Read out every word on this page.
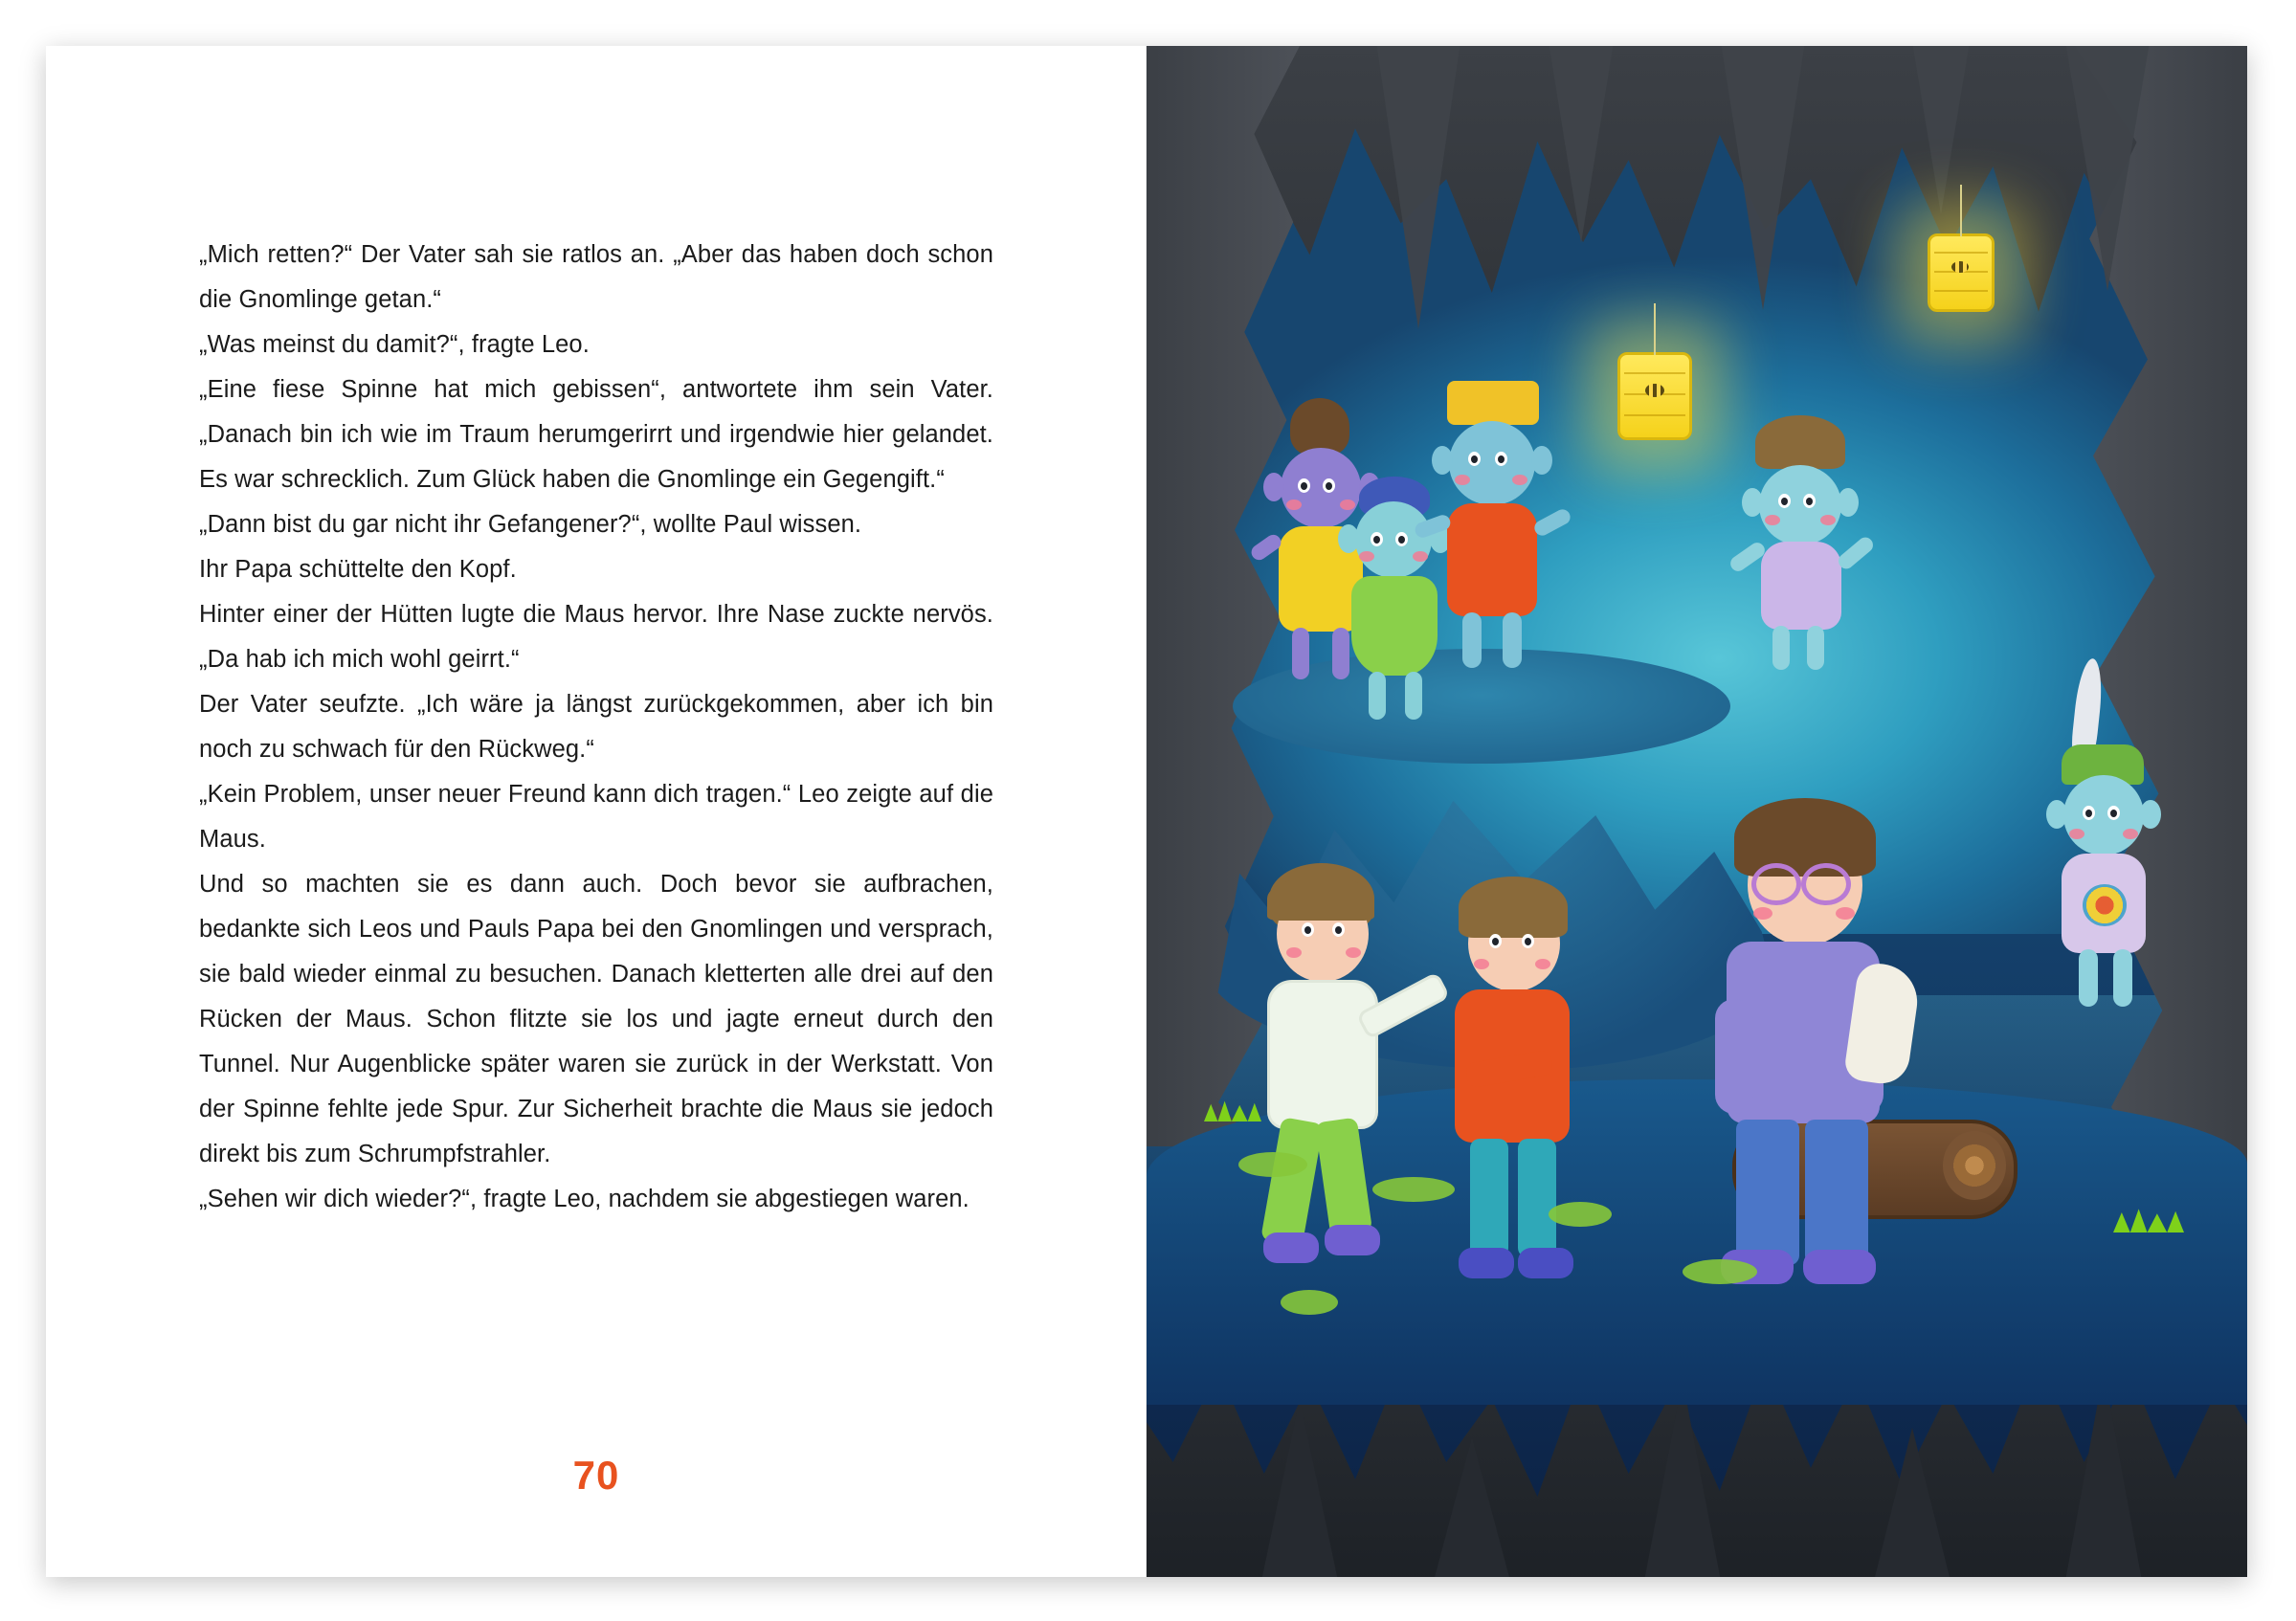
„Mich retten?“ Der Vater sah sie ratlos an. „Aber das haben doch schon die Gnomlinge getan.“

„Was meinst du damit?“, fragte Leo.

„Eine fiese Spinne hat mich gebissen“, antwortete ihm sein Vater. „Danach bin ich wie im Traum herumgerirrt und irgendwie hier gelandet. Es war schrecklich. Zum Glück haben die Gnomlinge ein Gegengift.“

„Dann bist du gar nicht ihr Gefangener?“, wollte Paul wissen.

Ihr Papa schüttelte den Kopf.

Hinter einer der Hütten lugte die Maus hervor. Ihre Nase zuckte nervös. „Da hab ich mich wohl geirrt.“

Der Vater seufzte. „Ich wäre ja längst zurückgekommen, aber ich bin noch zu schwach für den Rückweg.“

„Kein Problem, unser neuer Freund kann dich tragen.“ Leo zeigte auf die Maus.

Und so machten sie es dann auch. Doch bevor sie aufbrachen, bedankte sich Leos und Pauls Papa bei den Gnomlingen und versprach, sie bald wieder einmal zu besuchen. Danach kletterten alle drei auf den Rücken der Maus. Schon flitzte sie los und jagte erneut durch den Tunnel. Nur Augenblicke später waren sie zurück in der Werkstatt. Von der Spinne fehlte jede Spur. Zur Sicherheit brachte die Maus sie jedoch direkt bis zum Schrumpfstrahler.

„Sehen wir dich wieder?“, fragte Leo, nachdem sie abgestiegen waren.

70
